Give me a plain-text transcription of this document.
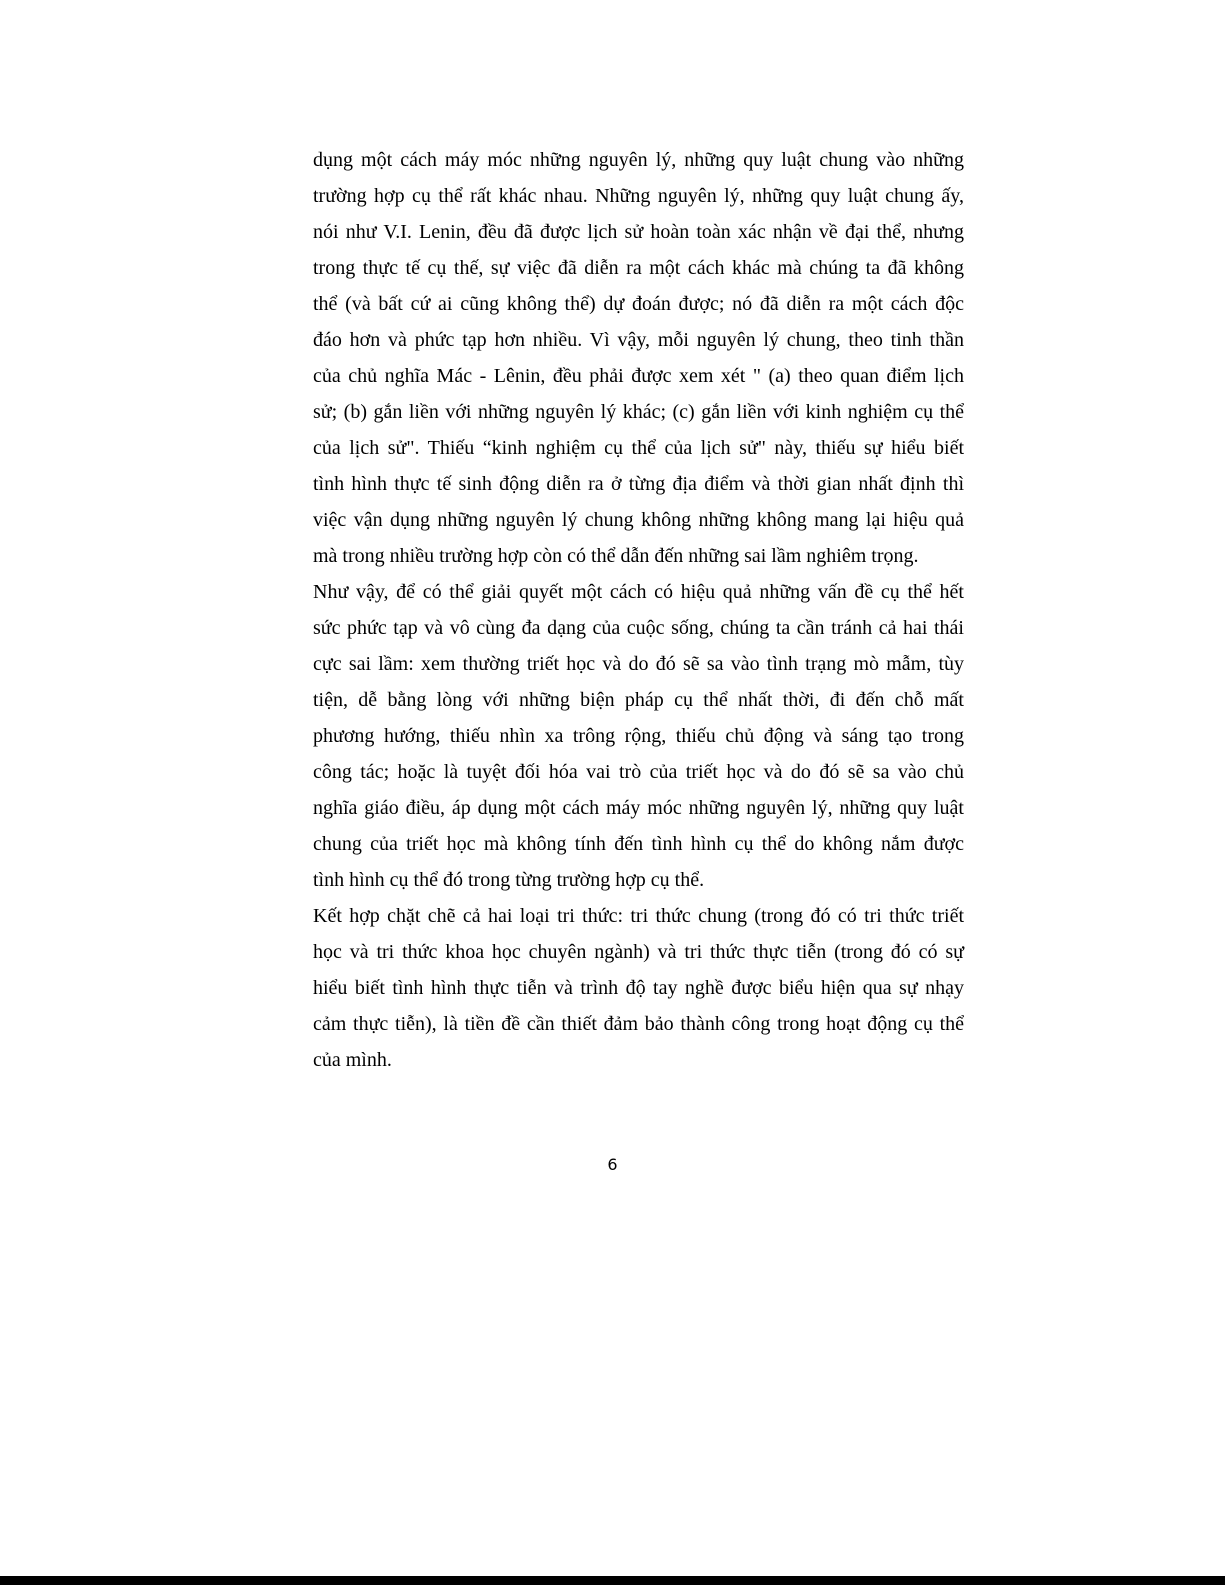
dụng một cách máy móc những nguyên lý, những quy luật chung vào những
trường hợp cụ thể rất khác nhau. Những nguyên lý, những quy luật chung ấy,
nói như V.I. Lenin, đều đã được lịch sử hoàn toàn xác nhận về đại thể, nhưng
trong thực tế cụ thế, sự việc đã diễn ra một cách khác mà chúng ta đã không
thể (và bất cứ ai cũng không thể) dự đoán được; nó đã diễn ra một cách độc
đáo hơn và phức tạp hơn nhiều. Vì vậy, mỗi nguyên lý chung, theo tinh thần
của chủ nghĩa Mác - Lênin, đều phải được xem xét " (a) theo quan điểm lịch
sử; (b) gắn liền với những nguyên lý khác; (c) gắn liền với kinh nghiệm cụ thể
của lịch sử". Thiếu “kinh nghiệm cụ thể của lịch sử" này, thiếu sự hiểu biết
tình hình thực tế sinh động diễn ra ở từng địa điểm và thời gian nhất định thì
việc vận dụng những nguyên lý chung không những không mang lại hiệu quả
mà trong nhiều trường hợp còn có thể dẫn đến những sai lầm nghiêm trọng.
Như vậy, để có thể giải quyết một cách có hiệu quả những vấn đề cụ thể hết
sức phức tạp và vô cùng đa dạng của cuộc sống, chúng ta cần tránh cả hai thái
cực sai lầm: xem thường triết học và do đó sẽ sa vào tình trạng mò mẫm, tùy
tiện, dễ bằng lòng với những biện pháp cụ thể nhất thời, đi đến chỗ mất
phương hướng, thiếu nhìn xa trông rộng, thiếu chủ động và sáng tạo trong
công tác; hoặc là tuyệt đối hóa vai trò của triết học và do đó sẽ sa vào chủ
nghĩa giáo điều, áp dụng một cách máy móc những nguyên lý, những quy luật
chung của triết học mà không tính đến tình hình cụ thể do không nắm được
tình hình cụ thể đó trong từng trường hợp cụ thể.
Kết hợp chặt chẽ cả hai loại tri thức: tri thức chung (trong đó có tri thức triết
học và tri thức khoa học chuyên ngành) và tri thức thực tiễn (trong đó có sự
hiểu biết tình hình thực tiễn và trình độ tay nghề được biểu hiện qua sự nhạy
cảm thực tiễn), là tiền đề cần thiết đảm bảo thành công trong hoạt động cụ thể
của mình.
6
